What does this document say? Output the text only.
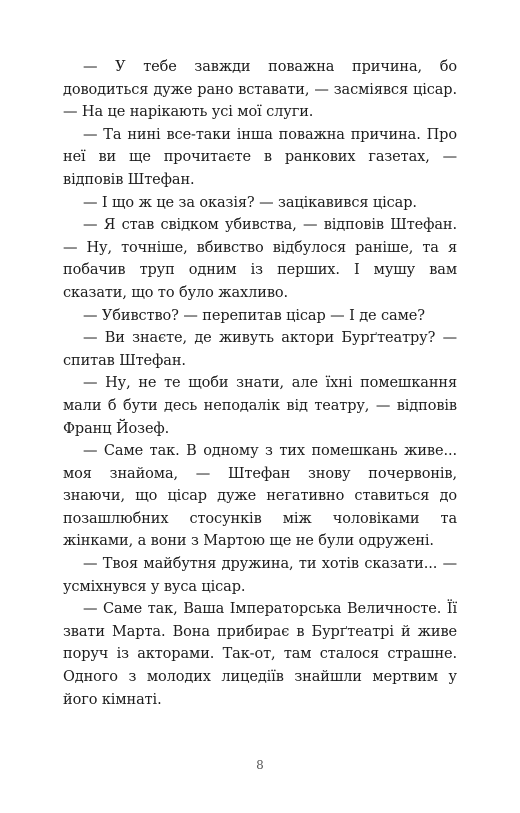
— У тебе завжди поважна причина, бо доводиться дуже рано вставати, — засміявся цісар. — На це нарікають усі мої слуги.

— Та нині все-таки інша поважна причина. Про неї ви ще прочитаєте в ранкових газетах, — відповів Штефан.

— І що ж це за оказія? — зацікавився цісар.

— Я став свідком убивства, — відповів Штефан. — Ну, точніше, вбивство відбулося раніше, та я побачив труп одним із перших. І мушу вам сказати, що то було жахливо.

— Убивство? — перепитав цісар — І де саме?

— Ви знаєте, де живуть актори Бурґтеатру? — спитав Штефан.

— Ну, не те щоби знати, але їхні помешкання мали б бути десь неподалік від театру, — відповів Франц Йозеф.

— Саме так. В одному з тих помешкань живе... моя знайома, — Штефан знову почервонів, знаючи, що цісар дуже негативно ставиться до позашлюбних стосунків між чоловіками та жінками, а вони з Мартою ще не були одружені.

— Твоя майбутня дружина, ти хотів сказати... — усміхнувся у вуса цісар.

— Саме так, Ваша Імператорська Величносте. Її звати Марта. Вона прибирає в Бурґтеатрі й живе поруч із акторами. Так-от, там сталося страшне. Одного з молодих лицедіїв знайшли мертвим у його кімнаті.

8
